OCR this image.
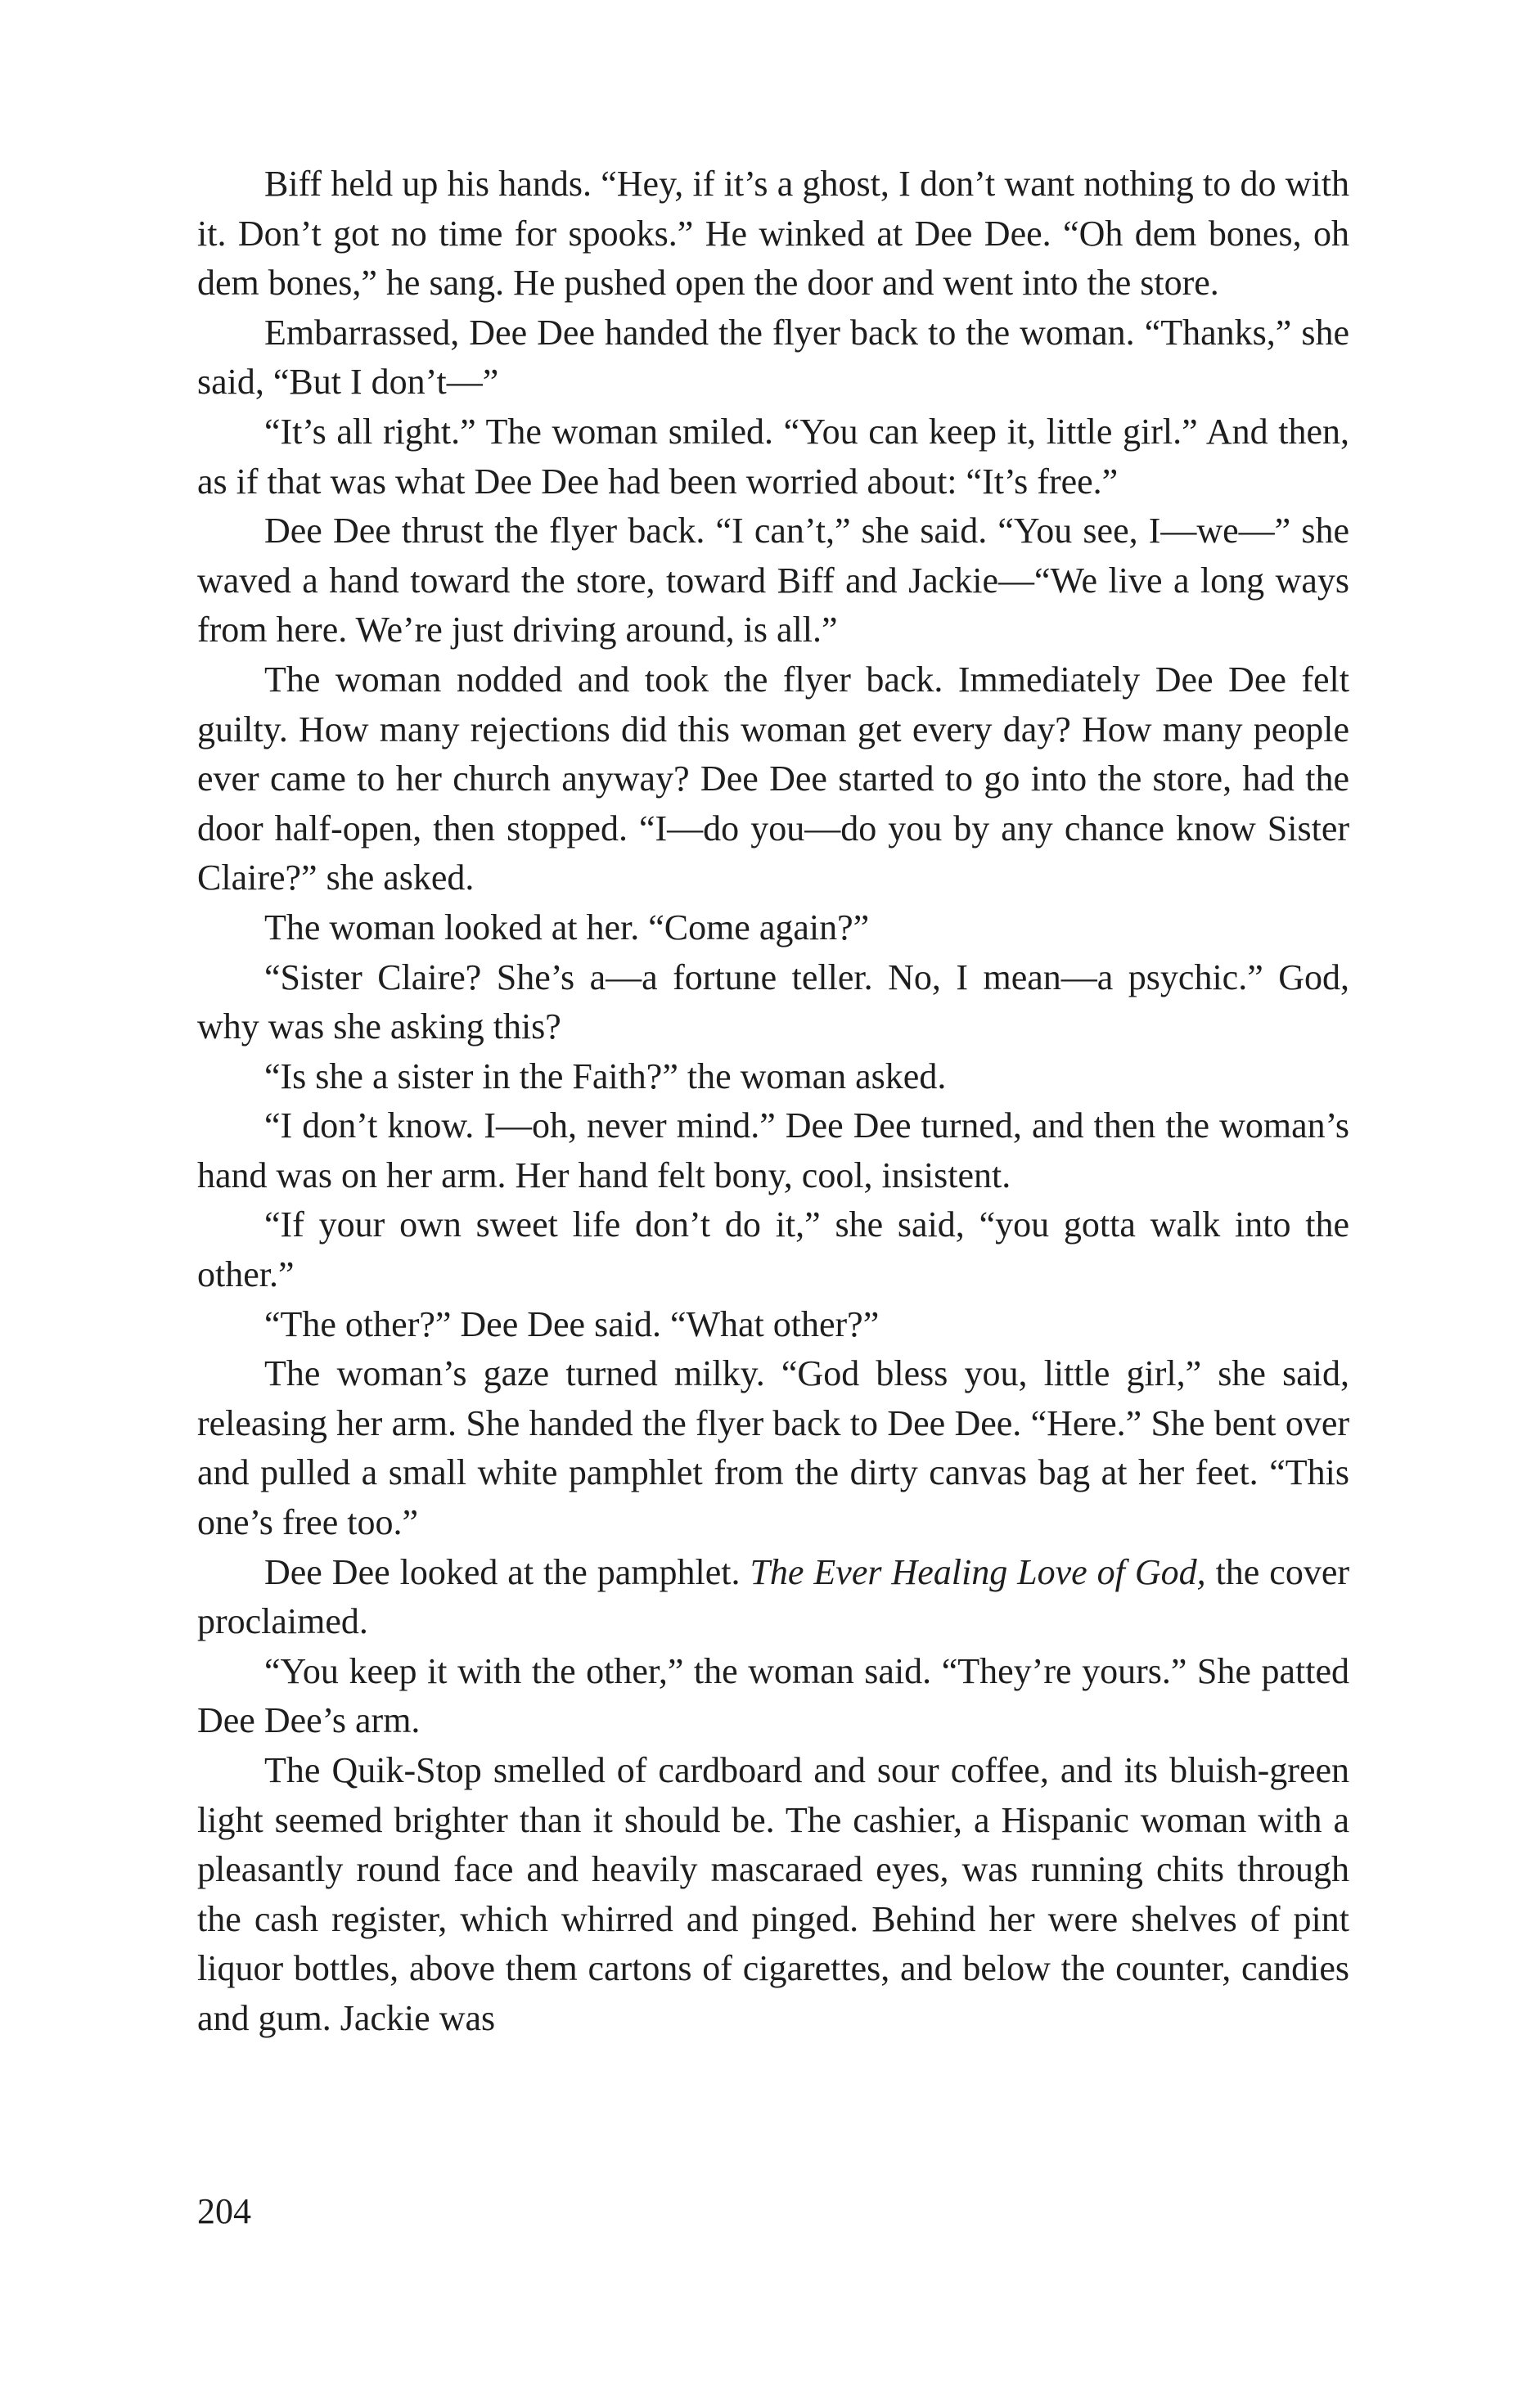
Biff held up his hands. “Hey, if it’s a ghost, I don’t want nothing to do with it. Don’t got no time for spooks.” He winked at Dee Dee. “Oh dem bones, oh dem bones,” he sang. He pushed open the door and went into the store.

Embarrassed, Dee Dee handed the flyer back to the woman. “Thanks,” she said, “But I don’t—”

“It’s all right.” The woman smiled. “You can keep it, little girl.” And then, as if that was what Dee Dee had been worried about: “It’s free.”

Dee Dee thrust the flyer back. “I can’t,” she said. “You see, I—we—” she waved a hand toward the store, toward Biff and Jackie—“We live a long ways from here. We’re just driving around, is all.”

The woman nodded and took the flyer back. Immediately Dee Dee felt guilty. How many rejections did this woman get every day? How many people ever came to her church anyway? Dee Dee started to go into the store, had the door half-open, then stopped. “I—do you—do you by any chance know Sister Claire?” she asked.

The woman looked at her. “Come again?”

“Sister Claire? She’s a—a fortune teller. No, I mean—a psychic.” God, why was she asking this?

“Is she a sister in the Faith?” the woman asked.

“I don’t know. I—oh, never mind.” Dee Dee turned, and then the woman’s hand was on her arm. Her hand felt bony, cool, insistent.

“If your own sweet life don’t do it,” she said, “you gotta walk into the other.”

“The other?” Dee Dee said. “What other?”

The woman’s gaze turned milky. “God bless you, little girl,” she said, releasing her arm. She handed the flyer back to Dee Dee. “Here.” She bent over and pulled a small white pamphlet from the dirty canvas bag at her feet. “This one’s free too.”

Dee Dee looked at the pamphlet. The Ever Healing Love of God, the cover proclaimed.

“You keep it with the other,” the woman said. “They’re yours.” She patted Dee Dee’s arm.

The Quik-Stop smelled of cardboard and sour coffee, and its bluish-green light seemed brighter than it should be. The cashier, a Hispanic woman with a pleasantly round face and heavily mascaraed eyes, was running chits through the cash register, which whirred and pinged. Behind her were shelves of pint liquor bottles, above them cartons of cigarettes, and below the counter, candies and gum. Jackie was

204
